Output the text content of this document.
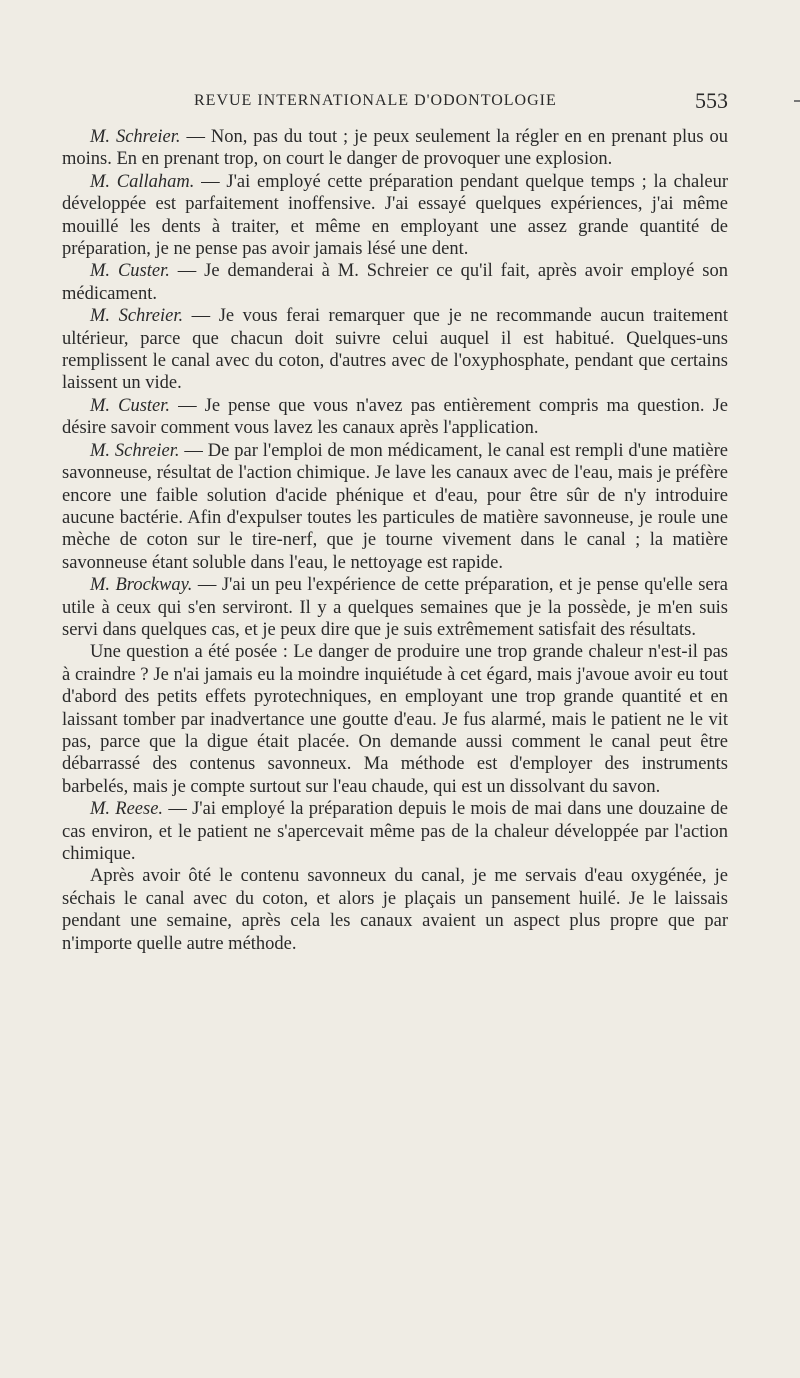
REVUE INTERNATIONALE D'ODONTOLOGIE	553

M. Schreier. — Non, pas du tout ; je peux seulement la régler en en prenant plus ou moins. En en prenant trop, on court le danger de provoquer une explosion.

M. Callaham. — J'ai employé cette préparation pendant quelque temps ; la chaleur développée est parfaitement inoffensive. J'ai essayé quelques expériences, j'ai même mouillé les dents à traiter, et même en employant une assez grande quantité de préparation, je ne pense pas avoir jamais lésé une dent.

M. Custer. — Je demanderai à M. Schreier ce qu'il fait, après avoir employé son médicament.

M. Schreier. — Je vous ferai remarquer que je ne recommande aucun traitement ultérieur, parce que chacun doit suivre celui auquel il est habitué. Quelques-uns remplissent le canal avec du coton, d'autres avec de l'oxyphosphate, pendant que certains laissent un vide.

M. Custer. — Je pense que vous n'avez pas entièrement compris ma question. Je désire savoir comment vous lavez les canaux après l'application.

M. Schreier. — De par l'emploi de mon médicament, le canal est rempli d'une matière savonneuse, résultat de l'action chimique. Je lave les canaux avec de l'eau, mais je préfère encore une faible solution d'acide phénique et d'eau, pour être sûr de n'y introduire aucune bactérie. Afin d'expulser toutes les particules de matière savonneuse, je roule une mèche de coton sur le tire-nerf, que je tourne vivement dans le canal ; la matière savonneuse étant soluble dans l'eau, le nettoyage est rapide.

M. Brockway. — J'ai un peu l'expérience de cette préparation, et je pense qu'elle sera utile à ceux qui s'en serviront. Il y a quelques semaines que je la possède, je m'en suis servi dans quelques cas, et je peux dire que je suis extrêmement satisfait des résultats.

Une question a été posée : Le danger de produire une trop grande chaleur n'est-il pas à craindre ? Je n'ai jamais eu la moindre inquiétude à cet égard, mais j'avoue avoir eu tout d'abord des petits effets pyrotechniques, en employant une trop grande quantité et en laissant tomber par inadvertance une goutte d'eau. Je fus alarmé, mais le patient ne le vit pas, parce que la digue était placée. On demande aussi comment le canal peut être débarrassé des contenus savonneux. Ma méthode est d'employer des instruments barbelés, mais je compte surtout sur l'eau chaude, qui est un dissolvant du savon.

M. Reese. — J'ai employé la préparation depuis le mois de mai dans une douzaine de cas environ, et le patient ne s'apercevait même pas de la chaleur développée par l'action chimique.

Après avoir ôté le contenu savonneux du canal, je me servais d'eau oxygénée, je séchais le canal avec du coton, et alors je plaçais un pansement huilé. Je le laissais pendant une semaine, après cela les canaux avaient un aspect plus propre que par n'importe quelle autre méthode.
